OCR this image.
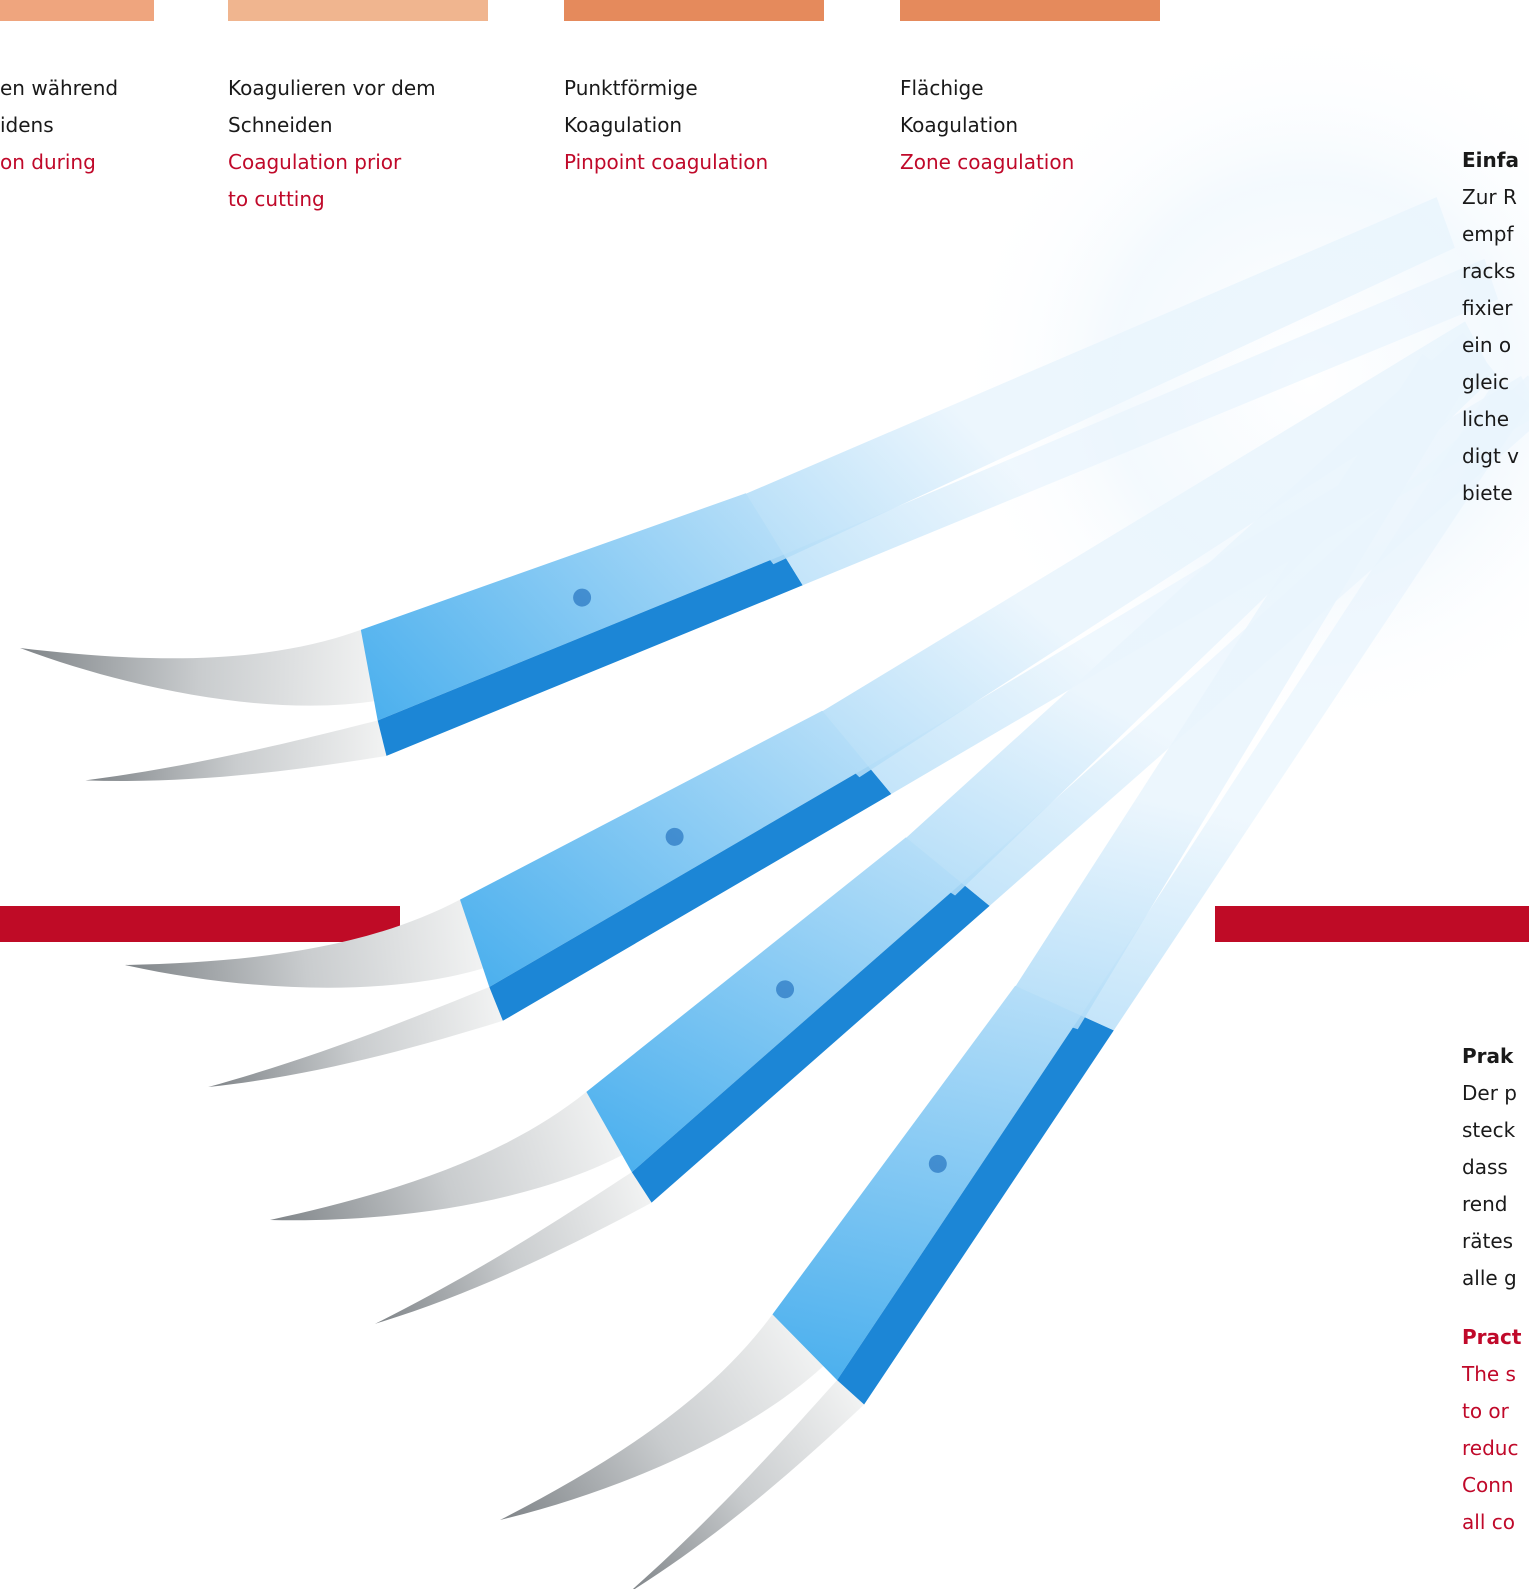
en während
idens
on during
Koagulieren vor dem
Schneiden
Coagulation prior
to cutting
Punktförmige
Koagulation
Pinpoint coagulation
Flächige
Koagulation
Zone coagulation	Einfa
Zur R
empf
racks
fixier
ein o
gleic
liche
digt v
biete
Prak
Der p
steck
dass
rend
rätes
alle g
Pract
The s
to or
reduc
Conn
all co
